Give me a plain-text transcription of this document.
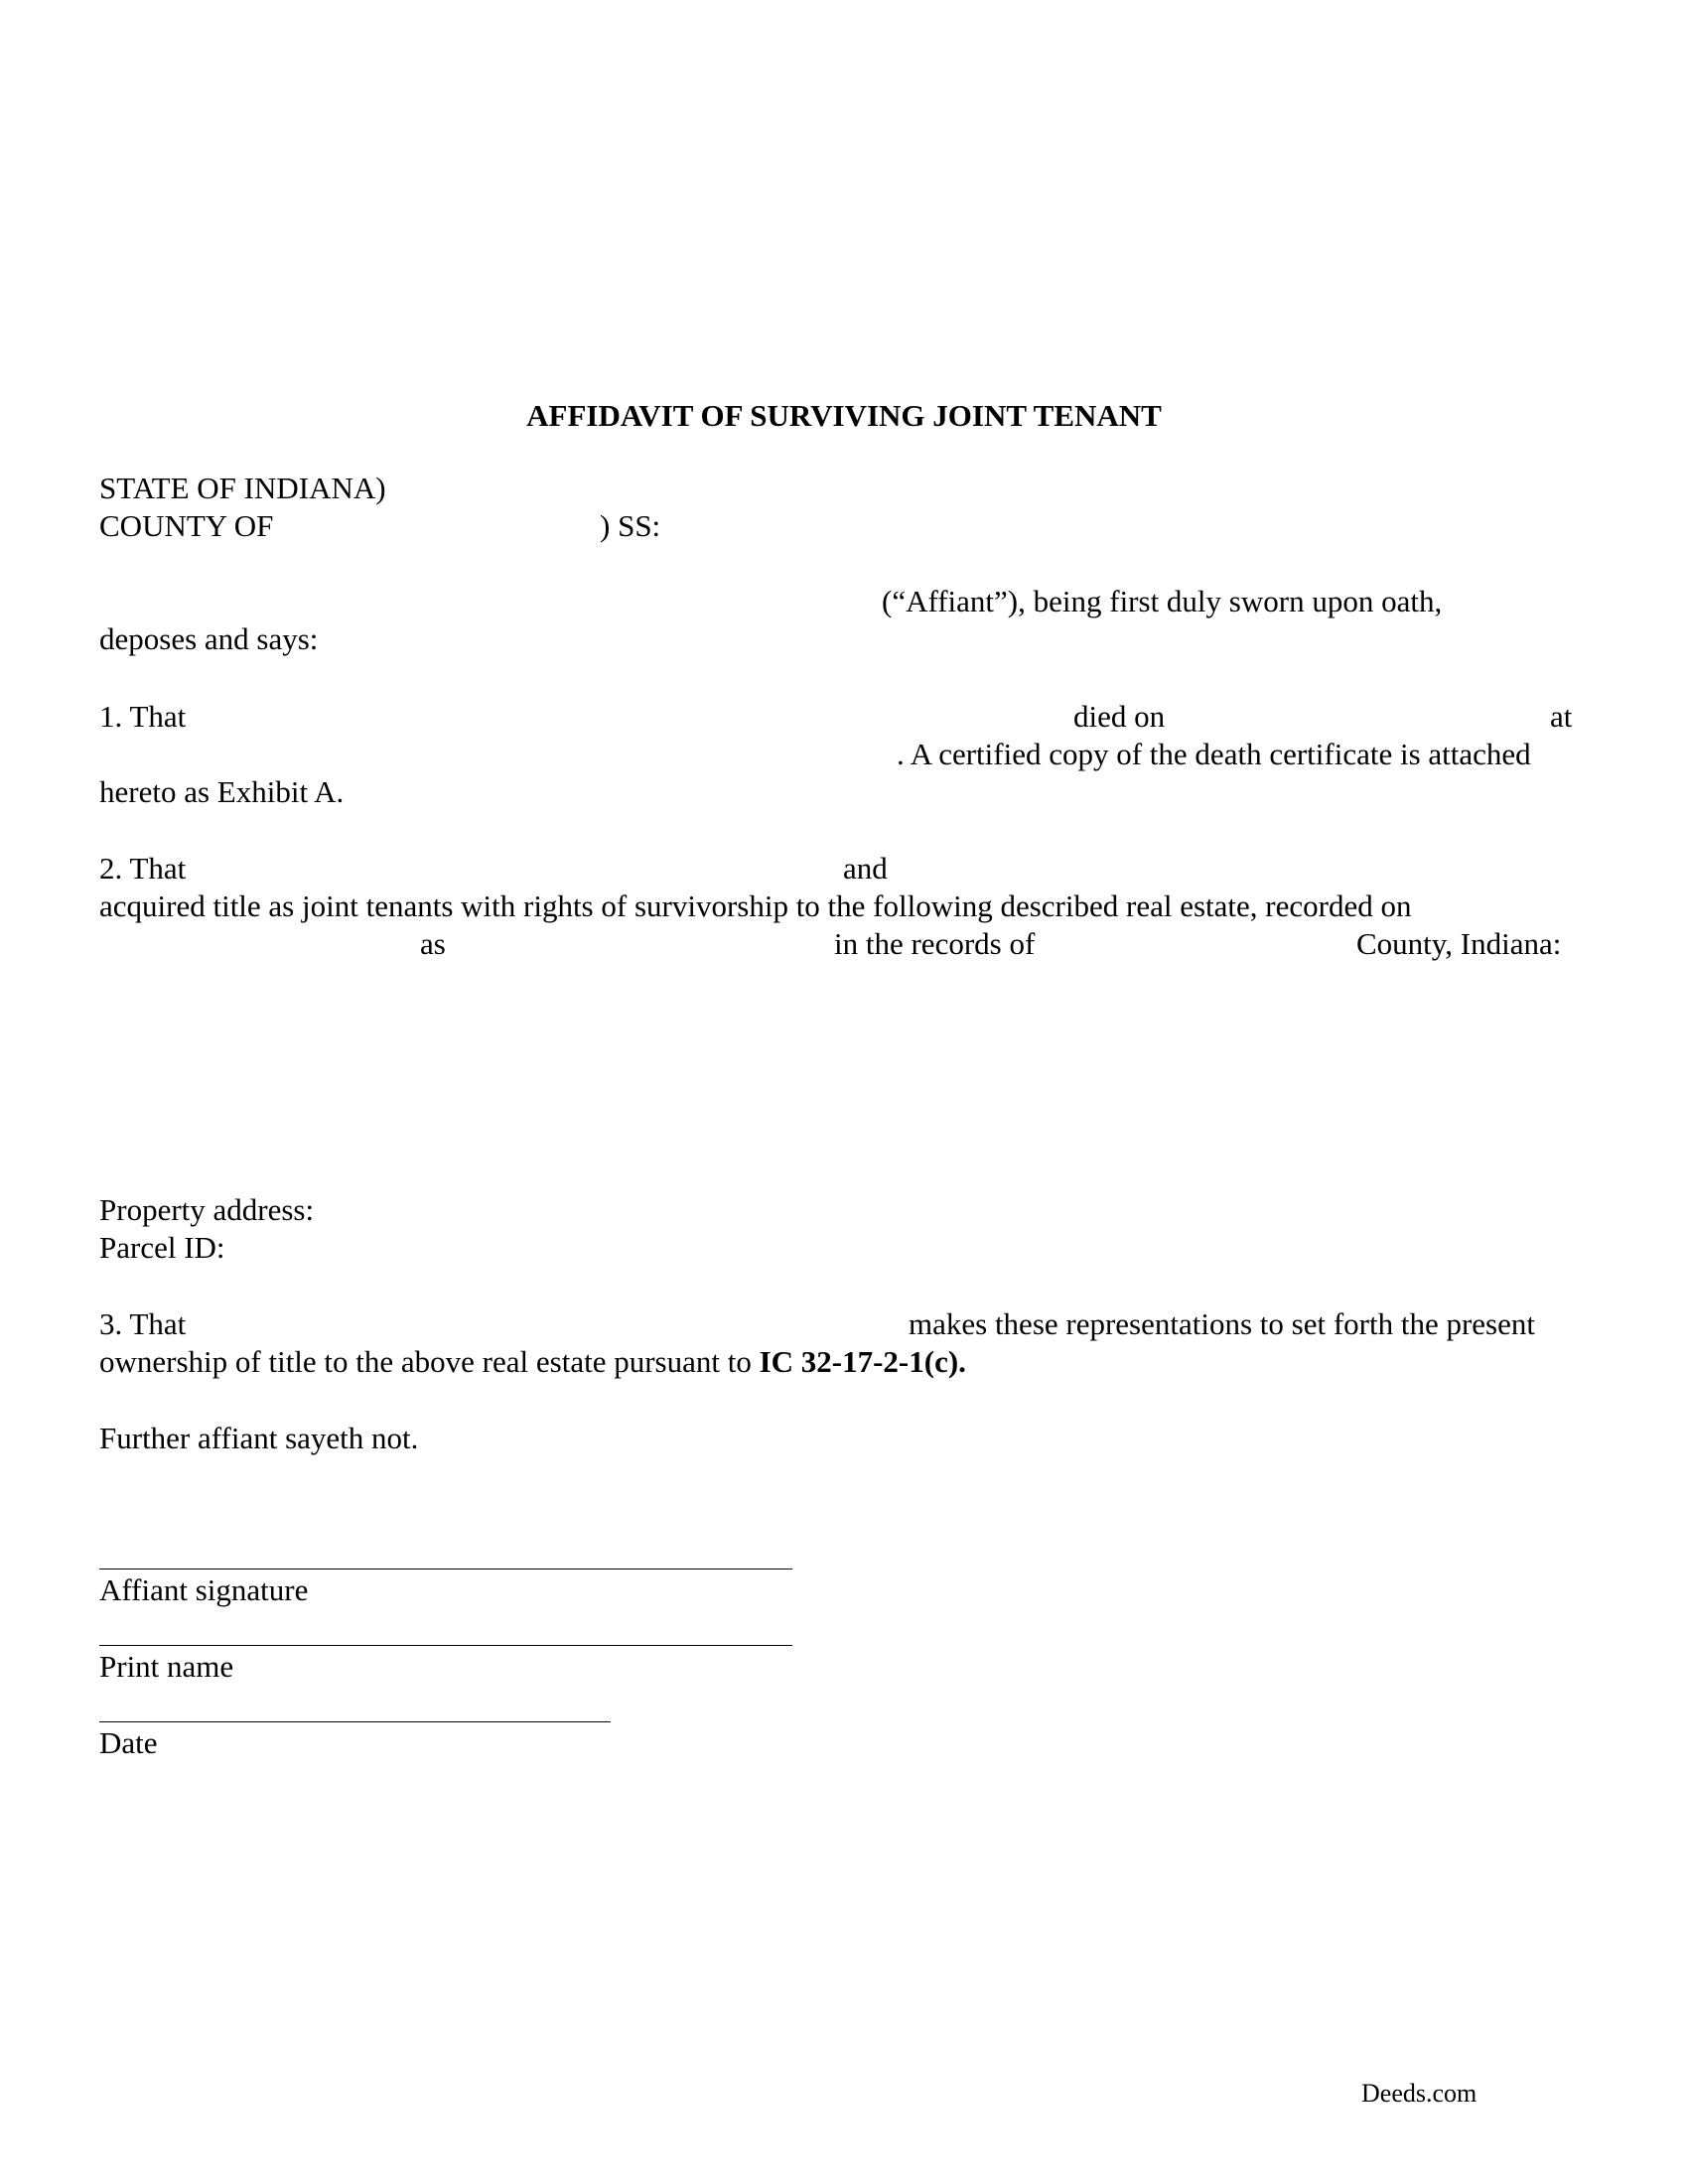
AFFIDAVIT OF SURVIVING JOINT TENANT
STATE OF INDIANA)
COUNTY OF	) SS:
(“Affiant”), being first duly sworn upon oath,
deposes and says:
1. That	died on	at
. A certified copy of the death certificate is attached
hereto as Exhibit A.
2. That	and
acquired title as joint tenants with rights of survivorship to the following described real estate, recorded on
as	in the records of	County, Indiana:
Property address:
Parcel ID:
3. That	makes these representations to set forth the present
ownership of title to the above real estate pursuant to IC 32-17-2-1(c).
Further affiant sayeth not.
Affiant signature
Print name
Date
Deeds.com
